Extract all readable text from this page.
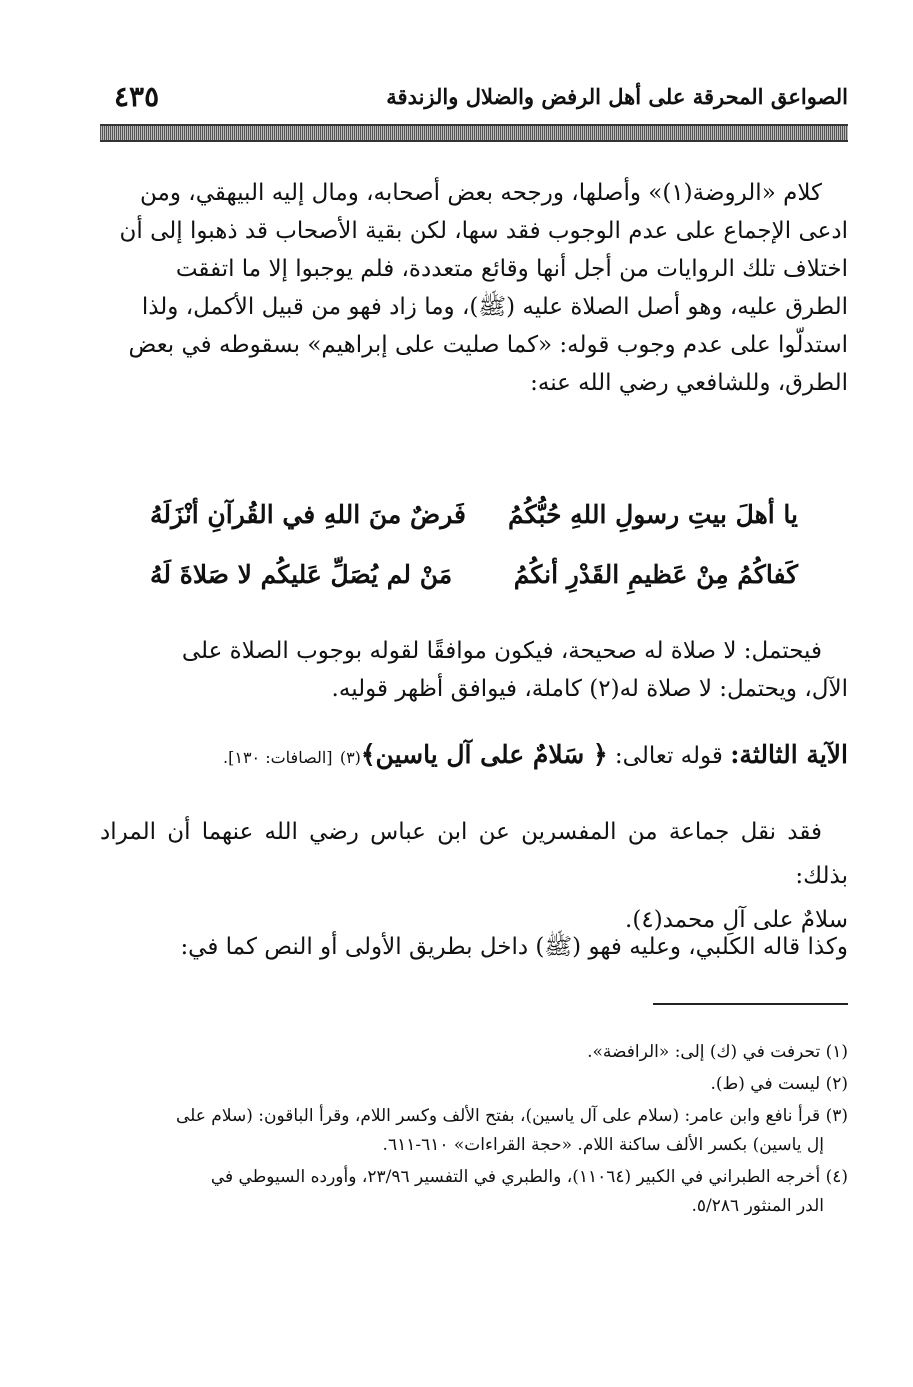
الصواعق المحرقة على أهل الرفض والضلال والزندقة
٤٣٥
كلام «الروضة(١)» وأصلها، ورجحه بعض أصحابه، ومال إليه البيهقي، ومن
ادعى الإجماع على عدم الوجوب فقد سها، لكن بقية الأصحاب قد ذهبوا إلى أن
اختلاف تلك الروايات من أجل أنها وقائع متعددة، فلم يوجبوا إلا ما اتفقت
الطرق عليه، وهو أصل الصلاة عليه (ﷺ)، وما زاد فهو من قبيل الأكمل، ولذا
استدلّوا على عدم وجوب قوله: «كما صليت على إبراهيم» بسقوطه في بعض
الطرق، وللشافعي رضي الله عنه:
يا أهلَ بيتِ رسولِ اللهِ حُبُّكُمُ
فَرضٌ منَ اللهِ في القُرآنِ أنْزَلَهُ
كَفاكُمُ مِنْ عَظيمِ القَدْرِ أنكُمُ
مَنْ لم يُصَلِّ عَليكُم لا صَلاةَ لَهُ
فيحتمل: لا صلاة له صحيحة، فيكون موافقًا لقوله بوجوب الصلاة على
الآل، ويحتمل: لا صلاة له(٢) كاملة، فيوافق أظهر قوليه.
الآية الثالثة: قوله تعالى: ﴿ سَلامٌ على آل ياسين﴾(٣) [الصافات: ١٣٠].
فقد نقل جماعة من المفسرين عن ابن عباس رضي الله عنهما أن المراد بذلك:
سلامٌ على آلِ محمد(٤).
وكذا قاله الكلبي، وعليه فهو (ﷺ) داخل بطريق الأولى أو النص كما في:
(١) تحرفت في (ك) إلى: «الرافضة».
(٢) ليست في (ط).
(٣) قرأ نافع وابن عامر: (سلام على آل ياسين)، بفتح الألف وكسر اللام، وقرأ الباقون: (سلام على
إل ياسين) بكسر الألف ساكنة اللام. «حجة القراءات» ٦١٠-٦١١.
(٤) أخرجه الطبراني في الكبير (١١٠٦٤)، والطبري في التفسير ٢٣/٩٦، وأورده السيوطي في
الدر المنثور ٥/٢٨٦.
